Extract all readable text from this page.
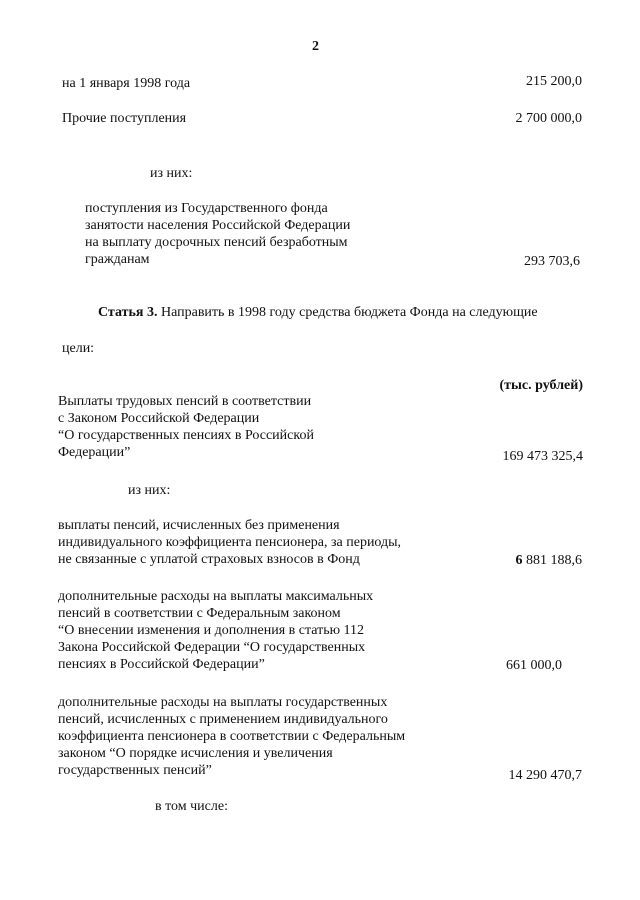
2
на 1 января 1998 года	215 200,0
Прочие поступления	2 700 000,0
из них:
поступления из Государственного фонда
занятости населения Российской Федерации
на выплату досрочных пенсий безработным
гражданам	293 703,6
Статья 3. Направить в 1998 году средства бюджета Фонда на следующие
цели:
(тыс. рублей)
Выплаты трудовых пенсий в соответствии
с Законом Российской Федерации
“О государственных пенсиях в Российской
Федерации”	169 473 325,4
из них:
выплаты пенсий, исчисленных без применения
индивидуального коэффициента пенсионера, за периоды,
не связанные с уплатой страховых взносов в Фонд	6 881 188,6
дополнительные расходы на выплаты максимальных
пенсий в соответствии с Федеральным законом
“О внесении изменения и дополнения в статью 112
Закона Российской Федерации “О государственных
пенсиях в Российской Федерации”	661 000,0
дополнительные расходы на выплаты государственных
пенсий, исчисленных с применением индивидуального
коэффициента пенсионера в соответствии с Федеральным
законом “О порядке исчисления и увеличения
государственных пенсий”	14 290 470,7
в том числе:
